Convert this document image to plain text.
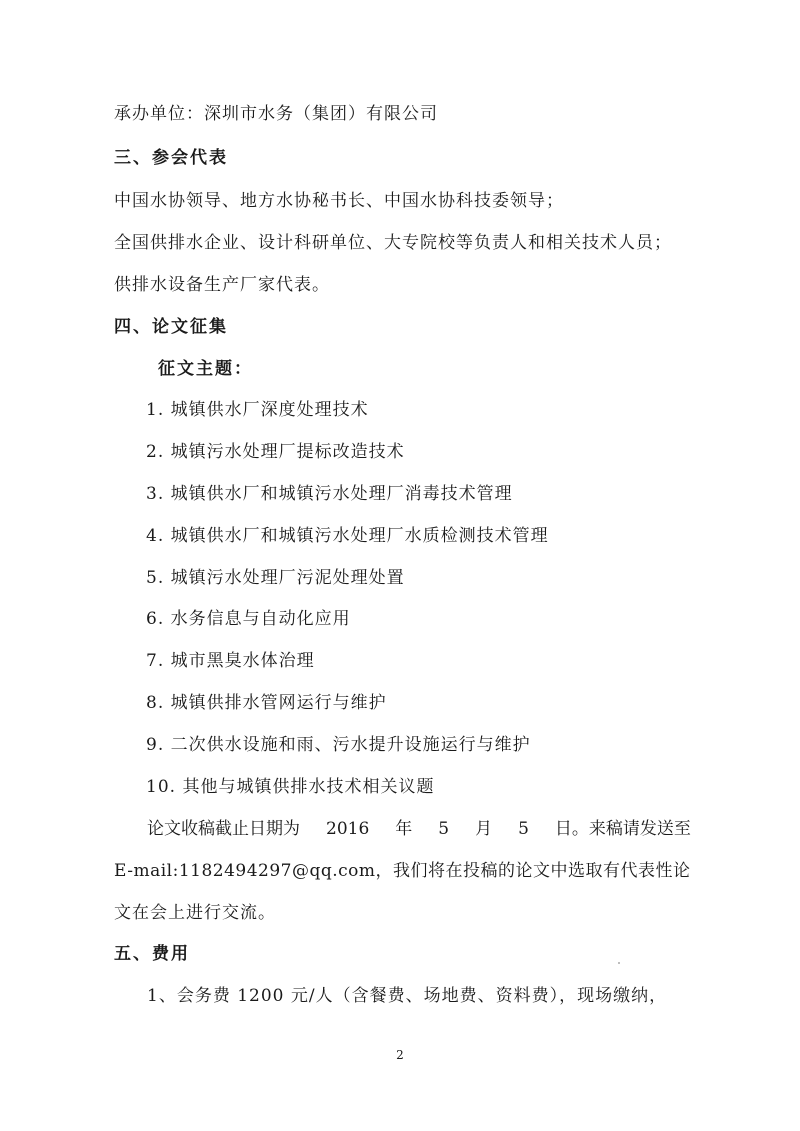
承办单位：深圳市水务（集团）有限公司
三、参会代表
中国水协领导、地方水协秘书长、中国水协科技委领导；
全国供排水企业、设计科研单位、大专院校等负责人和相关技术人员；
供排水设备生产厂家代表。
四、论文征集
征文主题：
1. 城镇供水厂深度处理技术
2. 城镇污水处理厂提标改造技术
3. 城镇供水厂和城镇污水处理厂消毒技术管理
4. 城镇供水厂和城镇污水处理厂水质检测技术管理
5. 城镇污水处理厂污泥处理处置
6. 水务信息与自动化应用
7. 城市黑臭水体治理
8. 城镇供排水管网运行与维护
9. 二次供水设施和雨、污水提升设施运行与维护
10. 其他与城镇供排水技术相关议题
论文收稿截止日期为 2016 年 5 月 5 日。来稿请发送至
E-mail:1182494297@qq.com，我们将在投稿的论文中选取有代表性论
文在会上进行交流。
五、费用
1、会务费 1200 元/人（含餐费、场地费、资料费），现场缴纳，
2
